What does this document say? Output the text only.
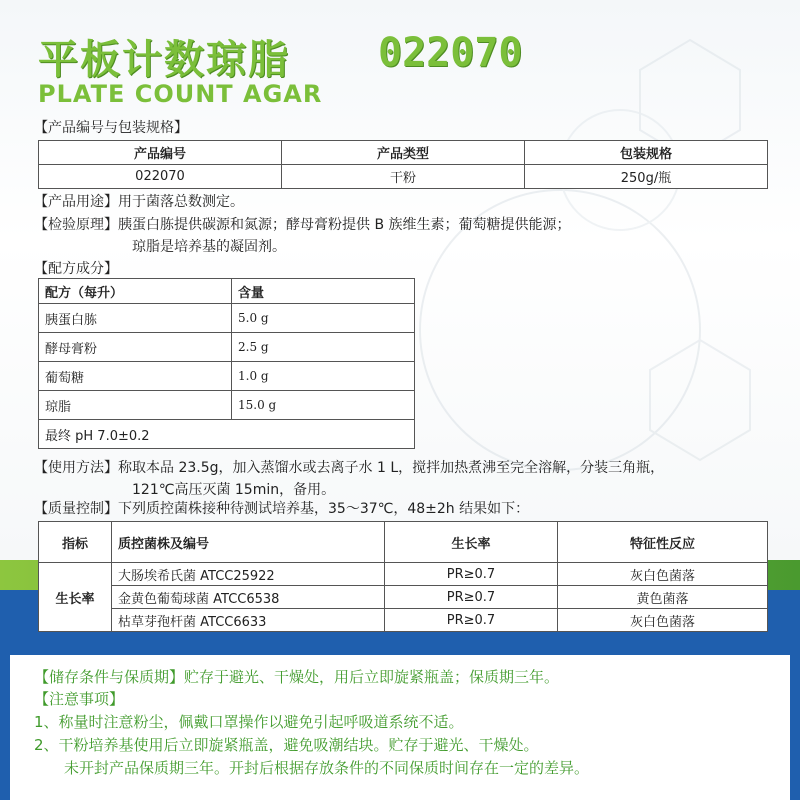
平板计数琼脂 022070
PLATE COUNT AGAR
【产品编号与包装规格】
产品编号	产品类型	包装规格
022070	干粉	250g/瓶
【产品用途】用于菌落总数测定。
【检验原理】胰蛋白胨提供碳源和氮源；酵母膏粉提供 B 族维生素；葡萄糖提供能源；
琼脂是培养基的凝固剂。
【配方成分】
配方（每升）	含量
胰蛋白胨	5.0 g
酵母膏粉	2.5 g
葡萄糖	1.0 g
琼脂	15.0 g
最终 pH 7.0±0.2	
【使用方法】称取本品 23.5g，加入蒸馏水或去离子水 1 L，搅拌加热煮沸至完全溶解，分装三角瓶，
121℃高压灭菌 15min，备用。
【质量控制】下列质控菌株接种待测试培养基，35～37℃，48±2h 结果如下：
指标	质控菌株及编号	生长率	特征性反应
生长率	大肠埃希氏菌 ATCC25922	PR≥0.7	灰白色菌落
	金黄色葡萄球菌 ATCC6538	PR≥0.7	黄色菌落
	枯草芽孢杆菌 ATCC6633	PR≥0.7	灰白色菌落
【储存条件与保质期】贮存于避光、干燥处，用后立即旋紧瓶盖；保质期三年。
【注意事项】
1、称量时注意粉尘，佩戴口罩操作以避免引起呼吸道系统不适。
2、干粉培养基使用后立即旋紧瓶盖，避免吸潮结块。贮存于避光、干燥处。
未开封产品保质期三年。开封后根据存放条件的不同保质时间存在一定的差异。
